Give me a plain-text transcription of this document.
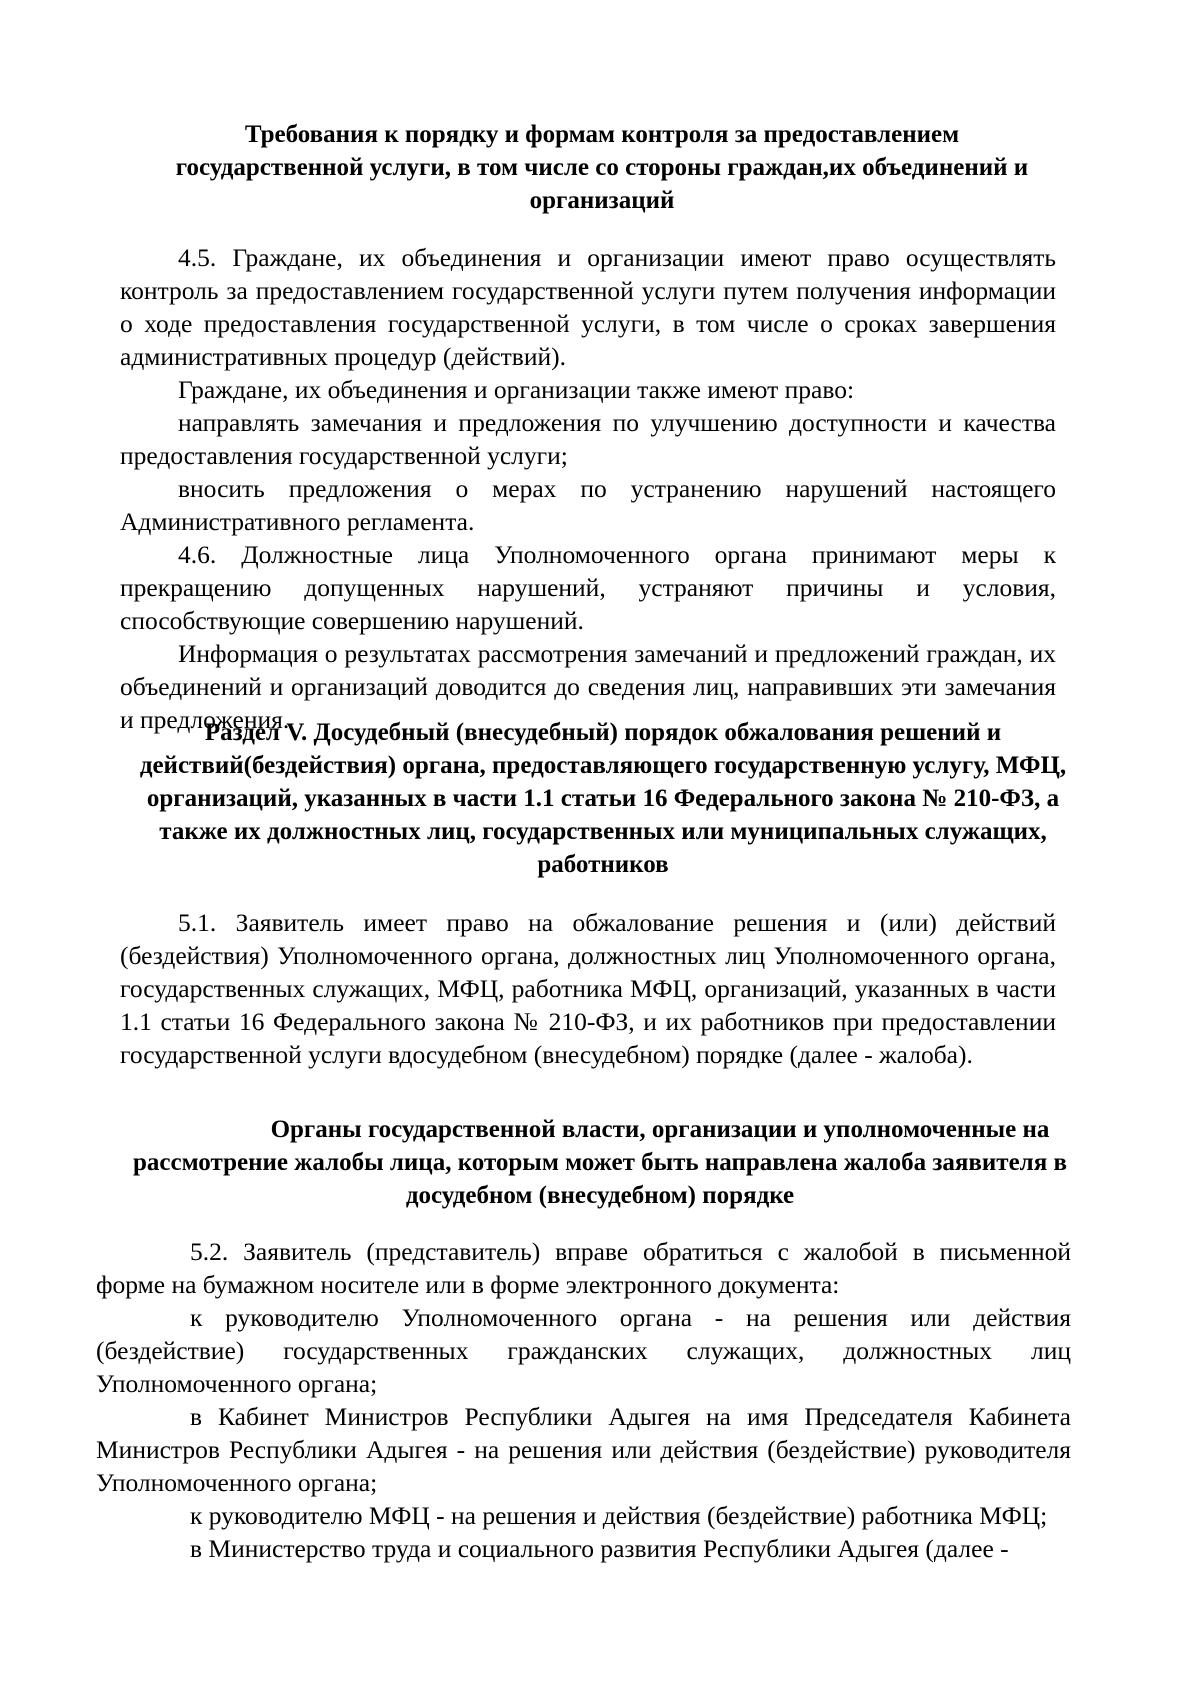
Требования к порядку и формам контроля за предоставлением государственной услуги, в том числе со стороны граждан,их объединений и организаций

4.5. Граждане, их объединения и организации имеют право осуществлять контроль за предоставлением государственной услуги путем получения информации о ходе предоставления государственной услуги, в том числе о сроках завершения административных процедур (действий).

Граждане, их объединения и организации также имеют право:

направлять замечания и предложения по улучшению доступности и качества предоставления государственной услуги;

вносить предложения о мерах по устранению нарушений настоящего Административного регламента.

4.6. Должностные лица Уполномоченного органа принимают меры к прекращению допущенных нарушений, устраняют причины и условия, способствующие совершению нарушений.

Информация о результатах рассмотрения замечаний и предложений граждан, их объединений и организаций доводится до сведения лиц, направивших эти замечания и предложения.

Раздел V. Досудебный (внесудебный) порядок обжалования решений и действий(бездействия) органа, предоставляющего государственную услугу, МФЦ, организаций, указанных в части 1.1 статьи 16 Федерального закона № 210-ФЗ, а также их должностных лиц, государственных или муниципальных служащих, работников

5.1. Заявитель имеет право на обжалование решения и (или) действий (бездействия) Уполномоченного органа, должностных лиц Уполномоченного органа, государственных служащих, МФЦ, работника МФЦ, организаций, указанных в части 1.1 статьи 16 Федерального закона № 210-ФЗ, и их работников при предоставлении государственной услуги вдосудебном (внесудебном) порядке (далее - жалоба).

Органы государственной власти, организации и уполномоченные на рассмотрение жалобы лица, которым может быть направлена жалоба заявителя в досудебном (внесудебном) порядке

5.2. Заявитель (представитель) вправе обратиться с жалобой в письменной форме на бумажном носителе или в форме электронного документа:

к руководителю Уполномоченного органа - на решения или действия (бездействие) государственных гражданских служащих, должностных лиц Уполномоченного органа;

в Кабинет Министров Республики Адыгея на имя Председателя Кабинета Министров Республики Адыгея - на решения или действия (бездействие) руководителя Уполномоченного органа;

к руководителю МФЦ - на решения и действия (бездействие) работника МФЦ;

в Министерство труда и социального развития Республики Адыгея (далее -
